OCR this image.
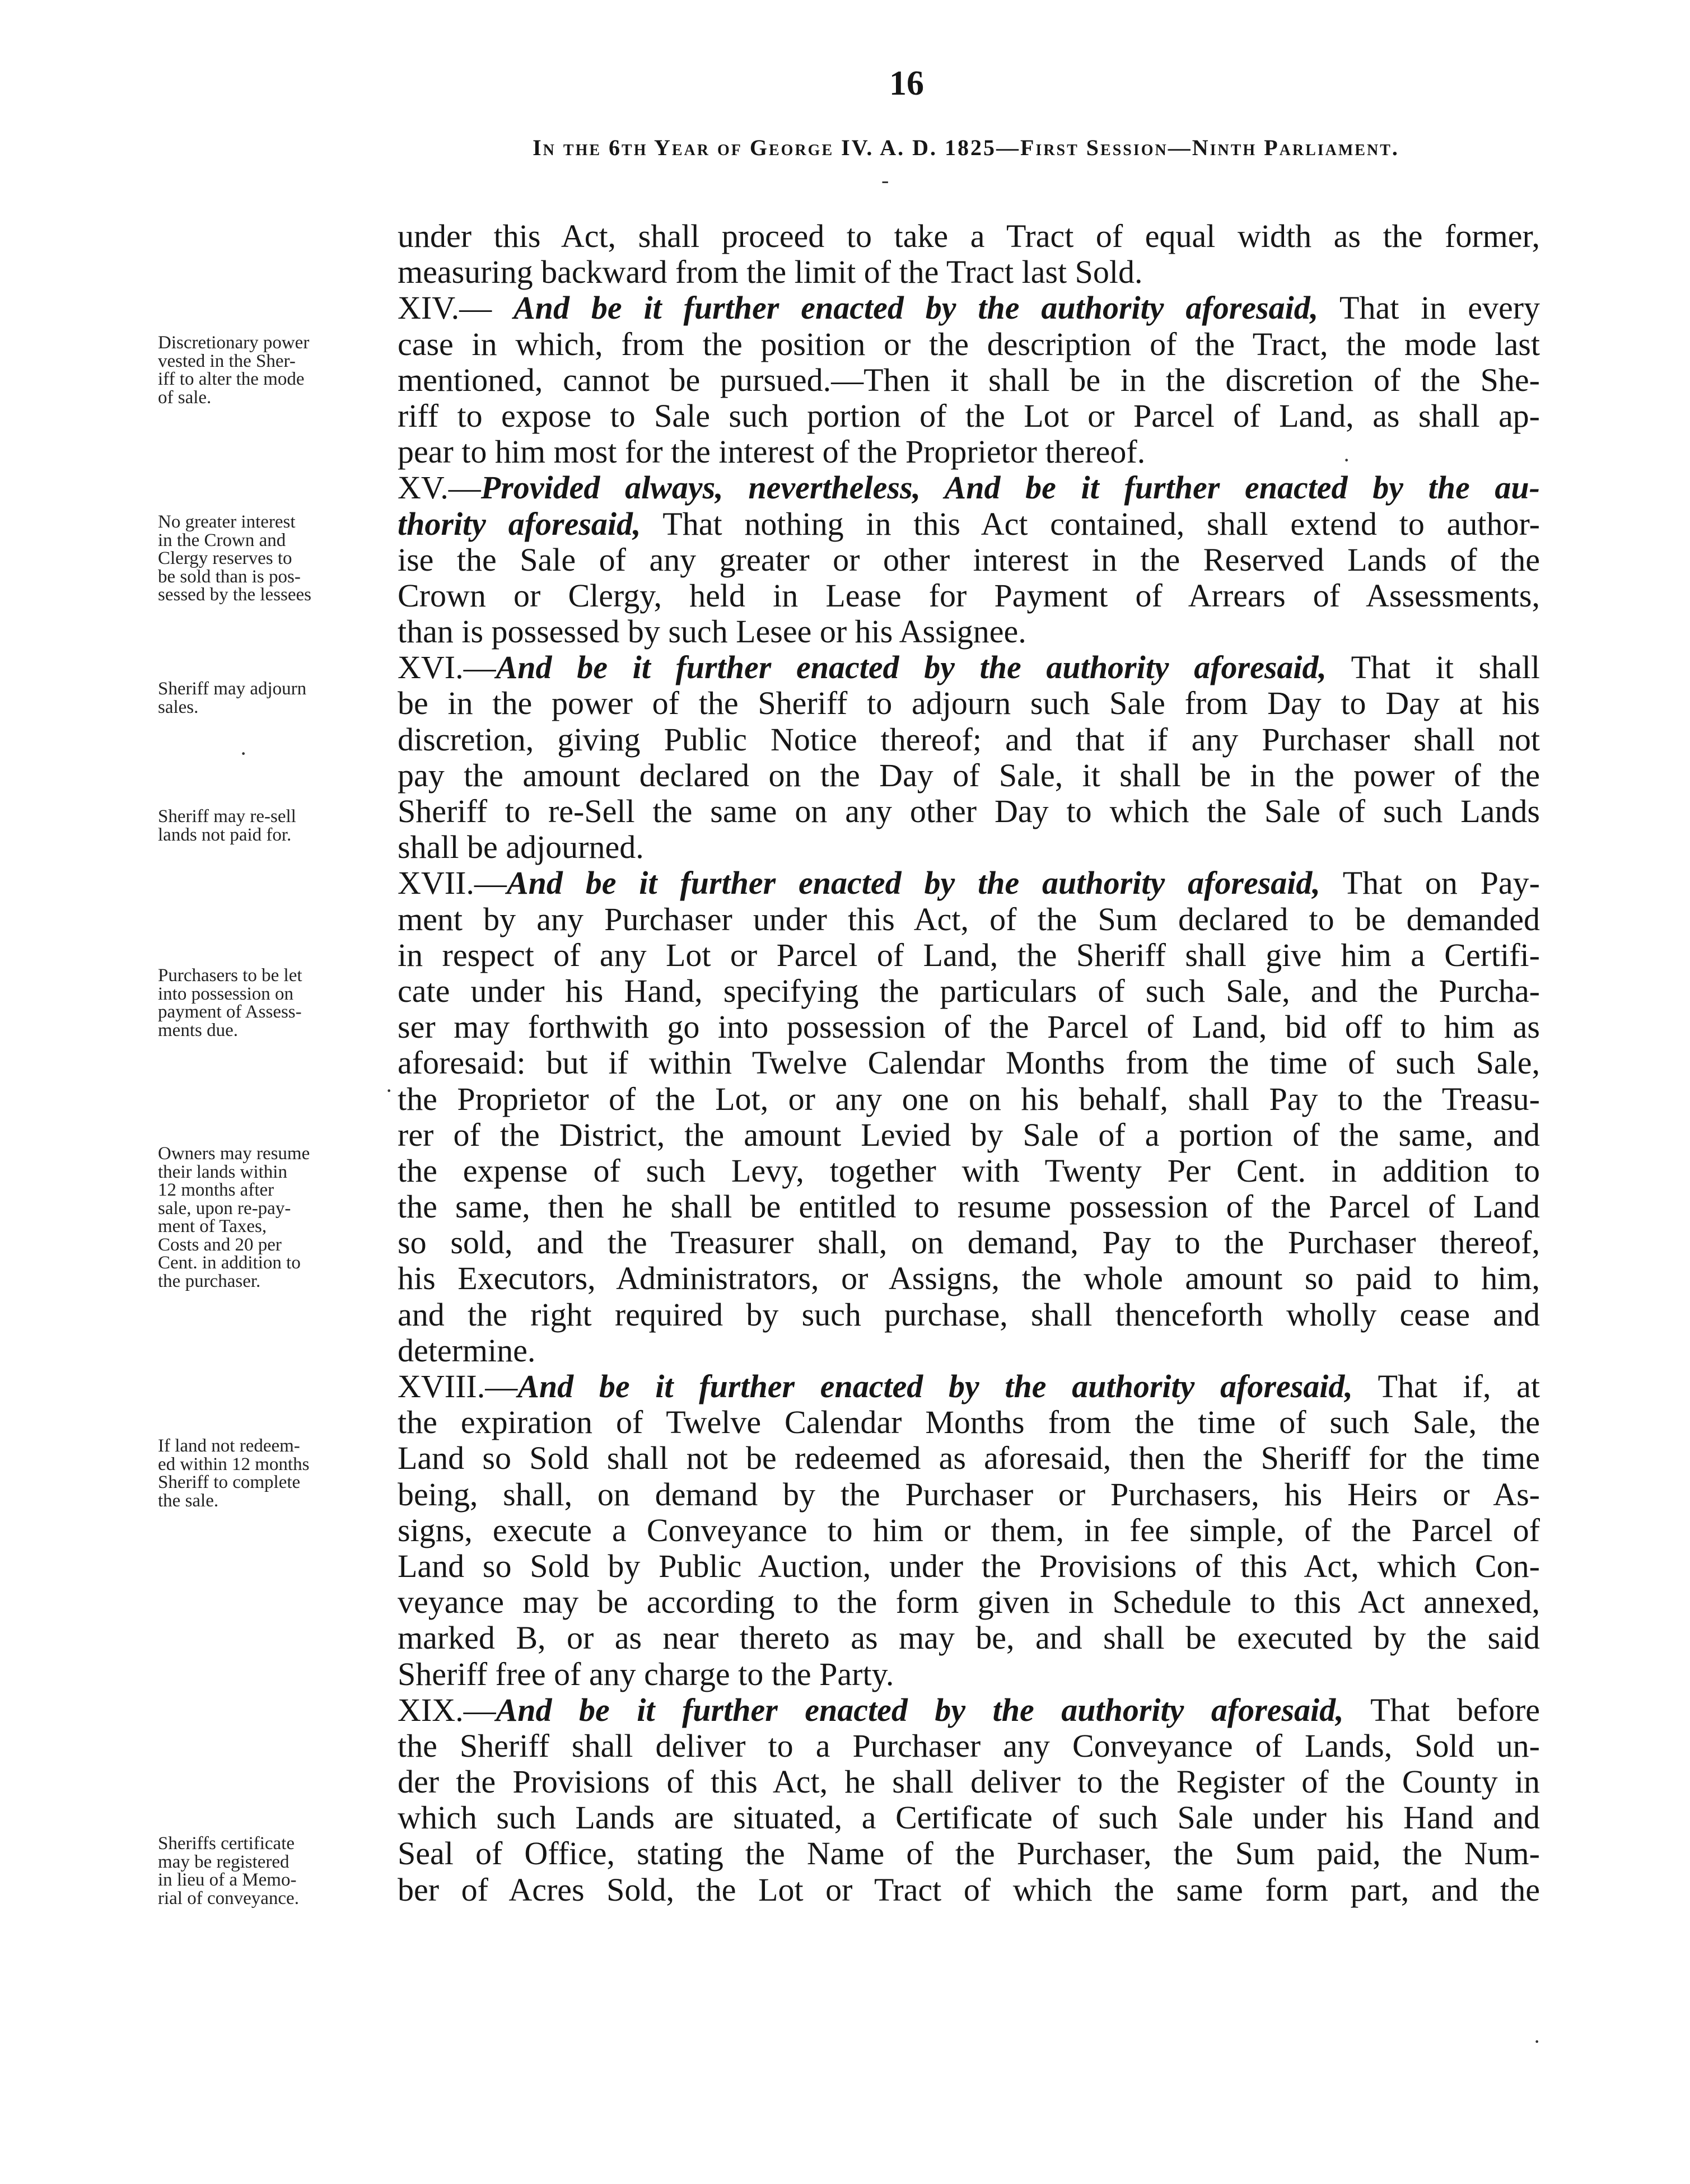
16
In the 6th Year of George IV. A. D. 1825—First Session—Ninth Parliament.
‐
·
·
·
·
under this Act, shall proceed to take a Tract of equal width as the former,
measuring backward from the limit of the Tract last Sold.
XIV.— And be it further enacted by the authority aforesaid, That in every
case in which, from the position or the description of the Tract, the mode last
mentioned, cannot be pursued.—Then it shall be in the discretion of the She-
riff to expose to Sale such portion of the Lot or Parcel of Land, as shall ap-
pear to him most for the interest of the Proprietor thereof.
XV.—Provided always, nevertheless, And be it further enacted by the au-
thority aforesaid, That nothing in this Act contained, shall extend to author-
ise the Sale of any greater or other interest in the Reserved Lands of the
Crown or Clergy, held in Lease for Payment of Arrears of Assessments,
than is possessed by such Lesee or his Assignee.
XVI.—And be it further enacted by the authority aforesaid, That it shall
be in the power of the Sheriff to adjourn such Sale from Day to Day at his
discretion, giving Public Notice thereof; and that if any Purchaser shall not
pay the amount declared on the Day of Sale, it shall be in the power of the
Sheriff to re-Sell the same on any other Day to which the Sale of such Lands
shall be adjourned.
XVII.—And be it further enacted by the authority aforesaid, That on Pay-
ment by any Purchaser under this Act, of the Sum declared to be demanded
in respect of any Lot or Parcel of Land, the Sheriff shall give him a Certifi-
cate under his Hand, specifying the particulars of such Sale, and the Purcha-
ser may forthwith go into possession of the Parcel of Land, bid off to him as
aforesaid: but if within Twelve Calendar Months from the time of such Sale,
the Proprietor of the Lot, or any one on his behalf, shall Pay to the Treasu-
rer of the District, the amount Levied by Sale of a portion of the same, and
the expense of such Levy, together with Twenty Per Cent. in addition to
the same, then he shall be entitled to resume possession of the Parcel of Land
so sold, and the Treasurer shall, on demand, Pay to the Purchaser thereof,
his Executors, Administrators, or Assigns, the whole amount so paid to him,
and the right required by such purchase, shall thenceforth wholly cease and
determine.
XVIII.—And be it further enacted by the authority aforesaid, That if, at
the expiration of Twelve Calendar Months from the time of such Sale, the
Land so Sold shall not be redeemed as aforesaid, then the Sheriff for the time
being, shall, on demand by the Purchaser or Purchasers, his Heirs or As-
signs, execute a Conveyance to him or them, in fee simple, of the Parcel of
Land so Sold by Public Auction, under the Provisions of this Act, which Con-
veyance may be according to the form given in Schedule to this Act annexed,
marked B, or as near thereto as may be, and shall be executed by the said
Sheriff free of any charge to the Party.
XIX.—And be it further enacted by the authority aforesaid, That before
the Sheriff shall deliver to a Purchaser any Conveyance of Lands, Sold un-
der the Provisions of this Act, he shall deliver to the Register of the County in
which such Lands are situated, a Certificate of such Sale under his Hand and
Seal of Office, stating the Name of the Purchaser, the Sum paid, the Num-
ber of Acres Sold, the Lot or Tract of which the same form part, and the
Discretionary power
vested in the Sher-
iff to alter the mode
of sale.
No greater interest
in the Crown and
Clergy reserves to
be sold than is pos-
sessed by the lessees
Sheriff may adjourn
sales.
Sheriff may re-sell
lands not paid for.
Purchasers to be let
into possession on
payment of Assess-
ments due.
Owners may resume
their lands within
12 months after
sale, upon re-pay-
ment of Taxes,
Costs and 20 per
Cent. in addition to
the purchaser.
If land not redeem-
ed within 12 months
Sheriff to complete
the sale.
Sheriffs certificate
may be registered
in lieu of a Memo-
rial of conveyance.
